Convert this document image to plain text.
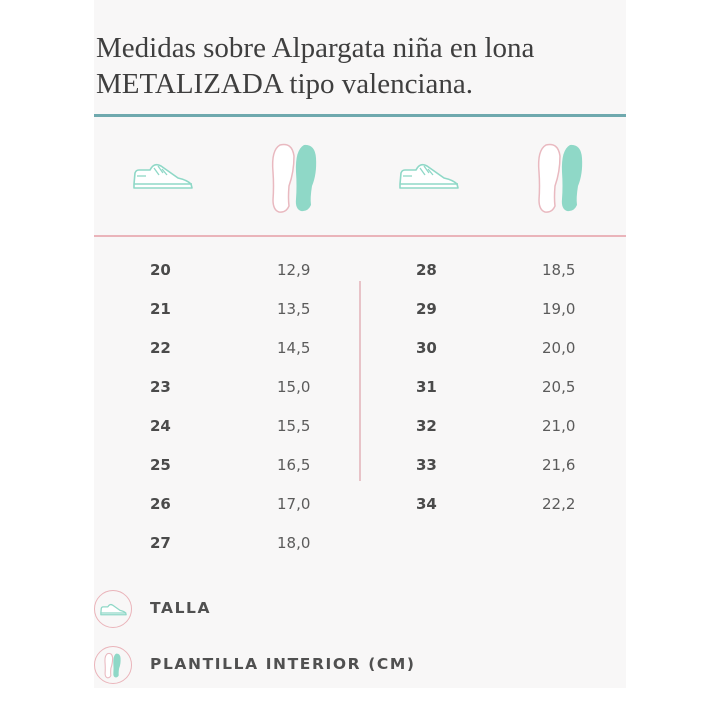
Medidas sobre Alpargata niña en lona
METALIZADA tipo valenciana.
20
21
22
23
24
25
26
27
12,9
13,5
14,5
15,0
15,5
16,5
17,0
18,0
28
29
30
31
32
33
34
18,5
19,0
20,0
20,5
21,0
21,6
22,2
TALLA
PLANTILLA INTERIOR (CM)
